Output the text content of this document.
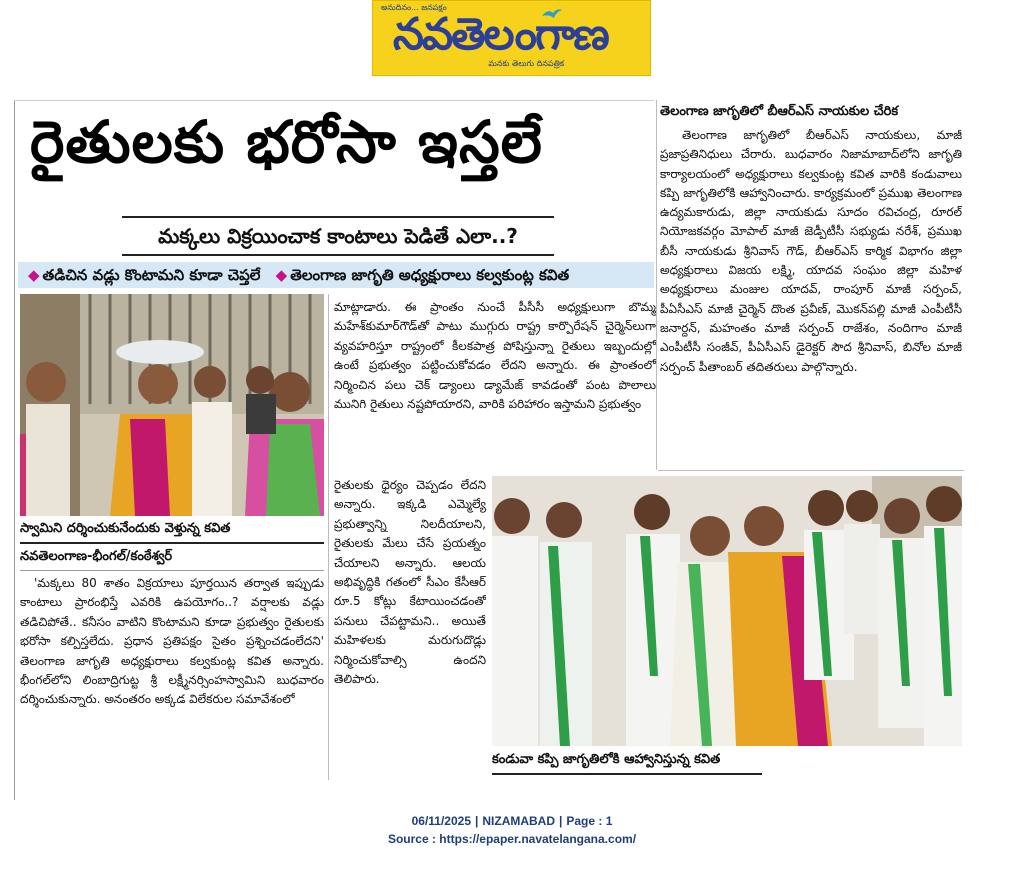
అనుదినం... జనపక్షం
నవతెలంగాణ
మనకు తెలుగు దినపత్రిక
రైతులకు భరోసా ఇస్తలే
మక్కలు విక్రయించాక కాంటాలు పెడితే ఎలా..?
◆ తడిచిన వడ్లు కొంటామని కూడా చెప్తలే ◆ తెలంగాణ జాగృతి అధ్యక్షురాలు కల్వకుంట్ల కవిత
స్వామిని దర్శించుకునేందుకు వెళ్తున్న కవిత
నవతెలంగాణ-భీంగల్/కంఠేశ్వర్
'మక్కలు 80 శాతం విక్రయాలు పూర్తయిన తర్వాత ఇప్పుడు కాంటాలు ప్రారంభిస్తే ఎవరికి ఉపయోగం..? వర్షాలకు వడ్లు తడిచిపోతే.. కనీసం వాటిని కొంటామని కూడా ప్రభుత్వం రైతులకు భరోసా కల్పిస్తలేదు. ప్రధాన ప్రతిపక్షం సైతం ప్రశ్నించడంలేదని' తెలంగాణ జాగృతి అధ్యక్షురాలు కల్వకుంట్ల కవిత అన్నారు. భీంగల్‌లోని లింబాద్రిగుట్ట శ్రీ లక్ష్మీనర్సింహస్వామిని బుధవారం దర్శించుకున్నారు. అనంతరం అక్కడ విలేకరుల సమావేశంలో
మాట్లాడారు. ఈ ప్రాంతం నుంచే పీసీసీ అధ్యక్షులుగా బొమ్మ మహేశ్‌కుమార్‌గౌడ్‌తో పాటు ముగ్గురు రాష్ట్ర కార్పొరేషన్ చైర్మెన్‌లుగా వ్యవహరిస్తూ రాష్ట్రంలో కీలకపాత్ర పోషిస్తున్నా రైతులు ఇబ్బందుల్లో ఉంటే ప్రభుత్వం పట్టించుకోవడం లేదని అన్నారు. ఈ ప్రాంతంలో నిర్మించిన పలు చెక్ డ్యాంలు డ్యామేజ్ కావడంతో పంట పొలాలు మునిగి రైతులు నష్టపోయారని, వారికి పరిహారం ఇస్తామని ప్రభుత్వం
రైతులకు ధైర్యం చెప్పడం లేదని అన్నారు. ఇక్కడి ఎమ్మెల్యే ప్రభుత్వాన్ని నిలదీయాలని, రైతులకు మేలు చేసే ప్రయత్నం చేయాలని అన్నారు. ఆలయ అభివృద్ధికి గతంలో సీఎం కేసీఆర్ రూ.5 కోట్లు కేటాయించడంతో పనులు చేపట్టామని.. అయితే మహిళలకు మరుగుదొడ్లు నిర్మించుకోవాల్సి ఉందని తెలిపారు.
కండువా కప్పి జాగృతిలోకి ఆహ్వానిస్తున్న కవిత
తెలంగాణ జాగృతిలో బీఆర్ఎస్ నాయకుల చేరిక
తెలంగాణ జాగృతిలో బీఆర్ఎస్ నాయకులు, మాజీ ప్రజాప్రతినిధులు చేరారు. బుధవారం నిజామాబాద్‌లోని జాగృతి కార్యాలయంలో అధ్యక్షురాలు కల్వకుంట్ల కవిత వారికి కండువాలు కప్పి జాగృతిలోకి ఆహ్వానించారు. కార్యక్రమంలో ప్రముఖ తెలంగాణ ఉద్యమకారుడు, జిల్లా నాయకుడు సూదం రవిచంద్ర, రూరల్ నియోజకవర్గం మోపాల్ మాజీ జెడ్పీటీసీ సభ్యుడు నరేశ్, ప్రముఖ బీసీ నాయకుడు శ్రీనివాస్ గౌడ్, బీఆర్ఎస్ కార్మిక విభాగం జిల్లా అధ్యక్షురాలు విజయ లక్ష్మి, యాదవ సంఘం జిల్లా మహిళ అధ్యక్షురాలు మంజుల యాదవ్, రాంపూర్ మాజీ సర్పంచ్, పీఏసీఎస్ మాజీ చైర్మెన్ దొంత ప్రవీణ్, మొకన్‌పల్లి మాజీ ఎంపీటీసీ జనార్దన్, మహంతం మాజీ సర్పంచ్ రాజేశం, నందిగాం మాజీ ఎంపీటీసీ సంజీవ్, పీఏసీఎస్ డైరెక్టర్ సౌద శ్రీనివాస్, బినోల మాజీ సర్పంచ్ పీతాంబర్ తదితరులు పాల్గొన్నారు.
06/11/2025 | NIZAMABAD | Page : 1
Source : https://epaper.navatelangana.com/
